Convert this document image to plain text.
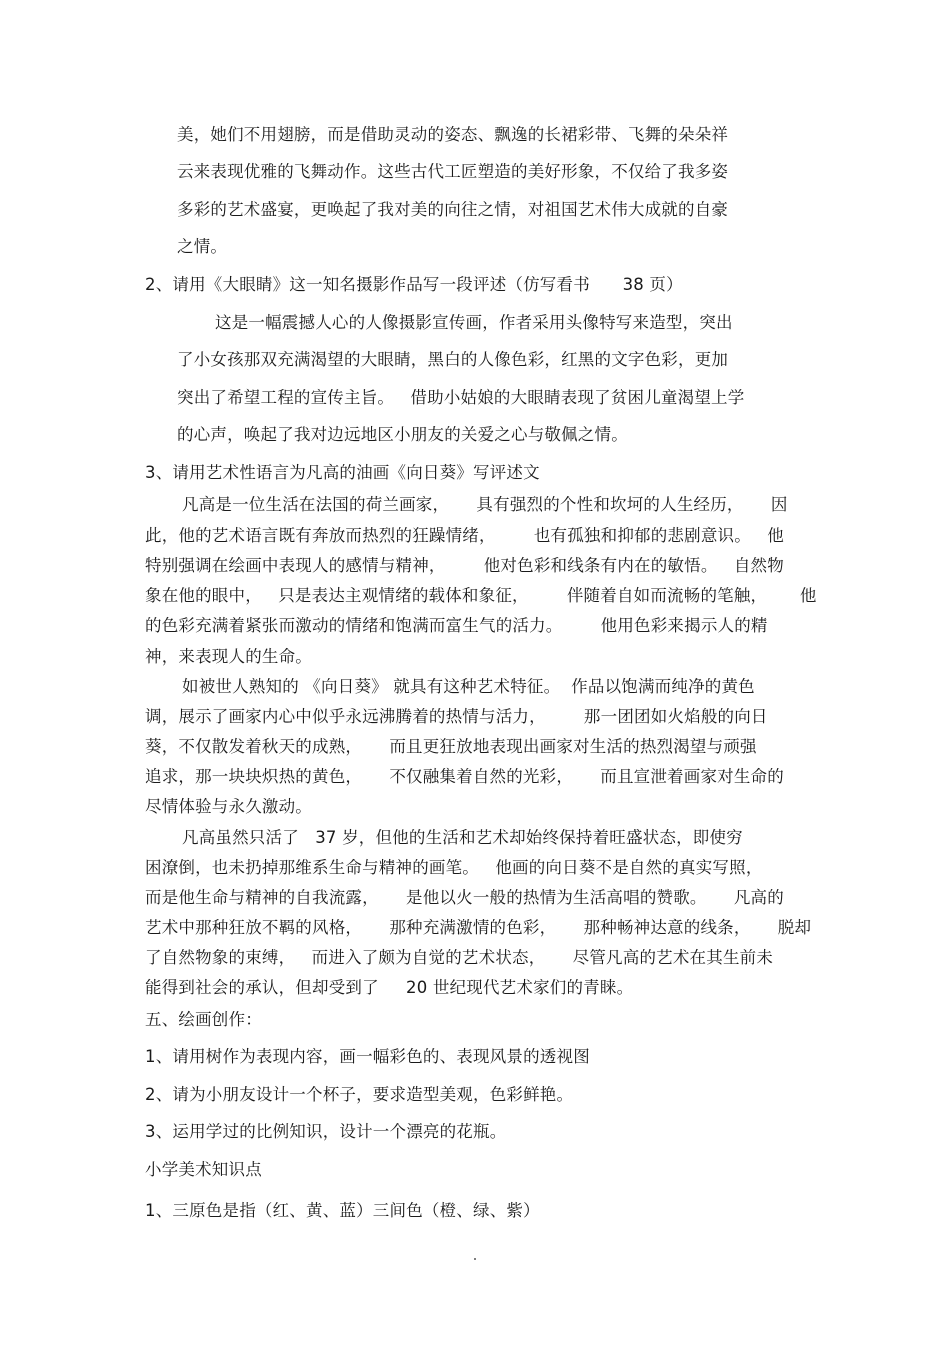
美，她们不用翅膀，而是借助灵动的姿态、飘逸的长裙彩带、飞舞的朵朵祥
云来表现优雅的飞舞动作。这些古代工匠塑造的美好形象，不仅给了我多姿
多彩的艺术盛宴，更唤起了我对美的向往之情，对祖国艺术伟大成就的自豪
之情。
2、请用《大眼睛》这一知名摄影作品写一段评述（仿写看书      38 页）
这是一幅震撼人心的人像摄影宣传画，作者采用头像特写来造型，突出
了小女孩那双充满渴望的大眼睛，黑白的人像色彩，红黑的文字色彩，更加
突出了希望工程的宣传主旨。   借助小姑娘的大眼睛表现了贫困儿童渴望上学
的心声，唤起了我对边远地区小朋友的关爱之心与敬佩之情。
3、请用艺术性语言为凡高的油画《向日葵》写评述文
凡高是一位生活在法国的荷兰画家，     具有强烈的个性和坎坷的人生经历，     因
此，他的艺术语言既有奔放而热烈的狂躁情绪，       也有孤独和抑郁的悲剧意识。   他
特别强调在绘画中表现人的感情与精神，       他对色彩和线条有内在的敏悟。   自然物
象在他的眼中，   只是表达主观情绪的载体和象征，       伴随着自如而流畅的笔触，      他
的色彩充满着紧张而激动的情绪和饱满而富生气的活力。       他用色彩来揭示人的精
神，来表现人的生命。
如被世人熟知的 《向日葵》 就具有这种艺术特征。  作品以饱满而纯净的黄色
调，展示了画家内心中似乎永远沸腾着的热情与活力，       那一团团如火焰般的向日
葵，不仅散发着秋天的成熟，     而且更狂放地表现出画家对生活的热烈渴望与顽强
追求，那一块块炽热的黄色，     不仅融集着自然的光彩，     而且宣泄着画家对生命的
尽情体验与永久激动。
凡高虽然只活了   37 岁，但他的生活和艺术却始终保持着旺盛状态，即使穷
困潦倒，也未扔掉那维系生命与精神的画笔。   他画的向日葵不是自然的真实写照，
而是他生命与精神的自我流露，     是他以火一般的热情为生活高唱的赞歌。     凡高的
艺术中那种狂放不羁的风格，     那种充满激情的色彩，     那种畅神达意的线条，     脱却
了自然物象的束缚，   而进入了颇为自觉的艺术状态，     尽管凡高的艺术在其生前未
能得到社会的承认，但却受到了     20 世纪现代艺术家们的青睐。
五、绘画创作：
1、请用树作为表现内容，画一幅彩色的、表现风景的透视图
2、请为小朋友设计一个杯子，要求造型美观，色彩鲜艳。
3、运用学过的比例知识，设计一个漂亮的花瓶。
小学美术知识点
1、三原色是指（红、黄、蓝）三间色（橙、绿、紫）
